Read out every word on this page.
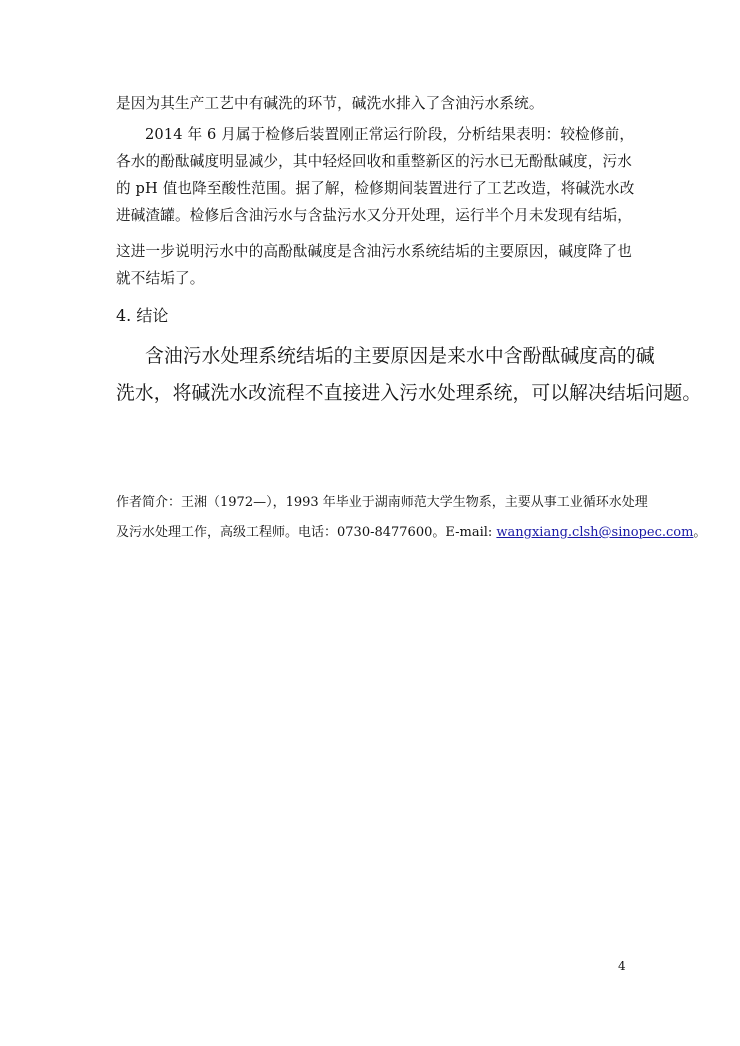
是因为其生产工艺中有碱洗的环节，碱洗水排入了含油污水系统。
2014 年 6 月属于检修后装置刚正常运行阶段，分析结果表明：较检修前，
各水的酚酞碱度明显减少，其中轻烃回收和重整新区的污水已无酚酞碱度，污水
的 pH 值也降至酸性范围。据了解，检修期间装置进行了工艺改造，将碱洗水改
进碱渣罐。检修后含油污水与含盐污水又分开处理，运行半个月未发现有结垢，
这进一步说明污水中的高酚酞碱度是含油污水系统结垢的主要原因，碱度降了也
就不结垢了。
4. 结论
含油污水处理系统结垢的主要原因是来水中含酚酞碱度高的碱
洗水，将碱洗水改流程不直接进入污水处理系统，可以解决结垢问题。
作者简介：王湘（1972—），1993 年毕业于湖南师范大学生物系，主要从事工业循环水处理
及污水处理工作，高级工程师。电话：0730-8477600。E-mail: wangxiang.clsh@sinopec.com。
4
